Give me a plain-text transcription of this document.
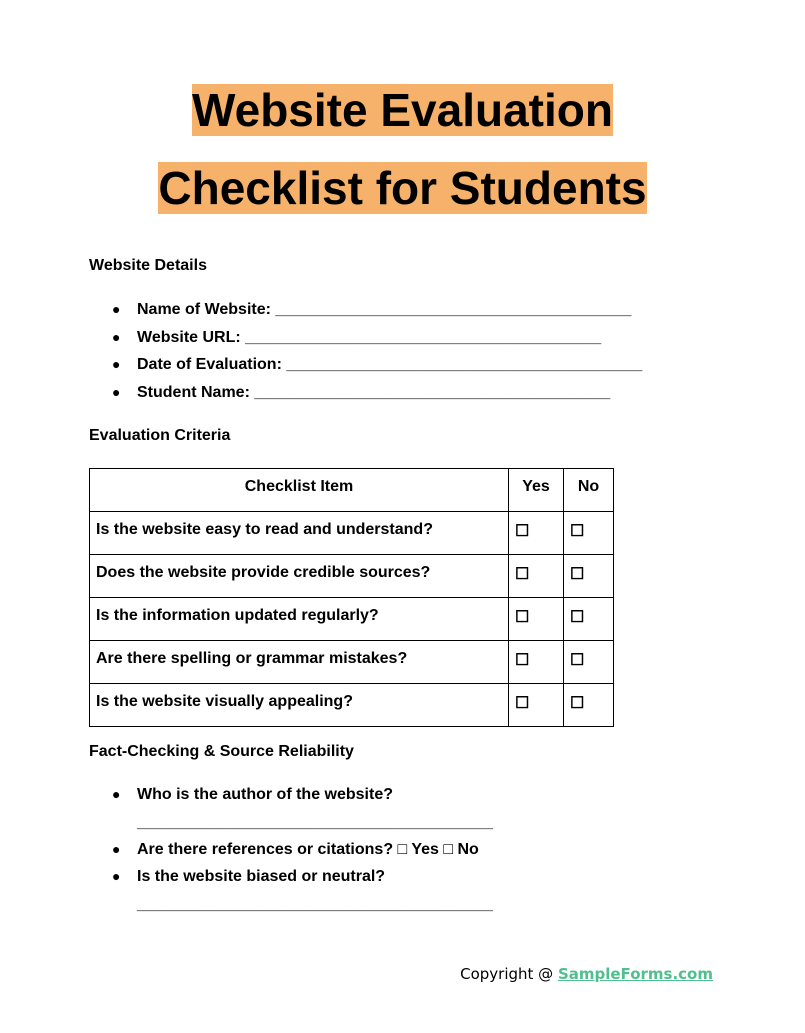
Website Evaluation
Checklist for Students
Website Details
● Name of Website: ________________________________________
● Website URL: ________________________________________
● Date of Evaluation: ________________________________________
● Student Name: ________________________________________
Evaluation Criteria
Checklist Item	Yes	No
Is the website easy to read and understand?	☐	☐
Does the website provide credible sources?	☐	☐
Is the information updated regularly?	☐	☐
Are there spelling or grammar mistakes?	☐	☐
Is the website visually appealing?	☐	☐
Fact-Checking & Source Reliability
● Who is the author of the website?
________________________________________
● Are there references or citations? □ Yes □ No
● Is the website biased or neutral?
________________________________________
Copyright @ SampleForms.com
